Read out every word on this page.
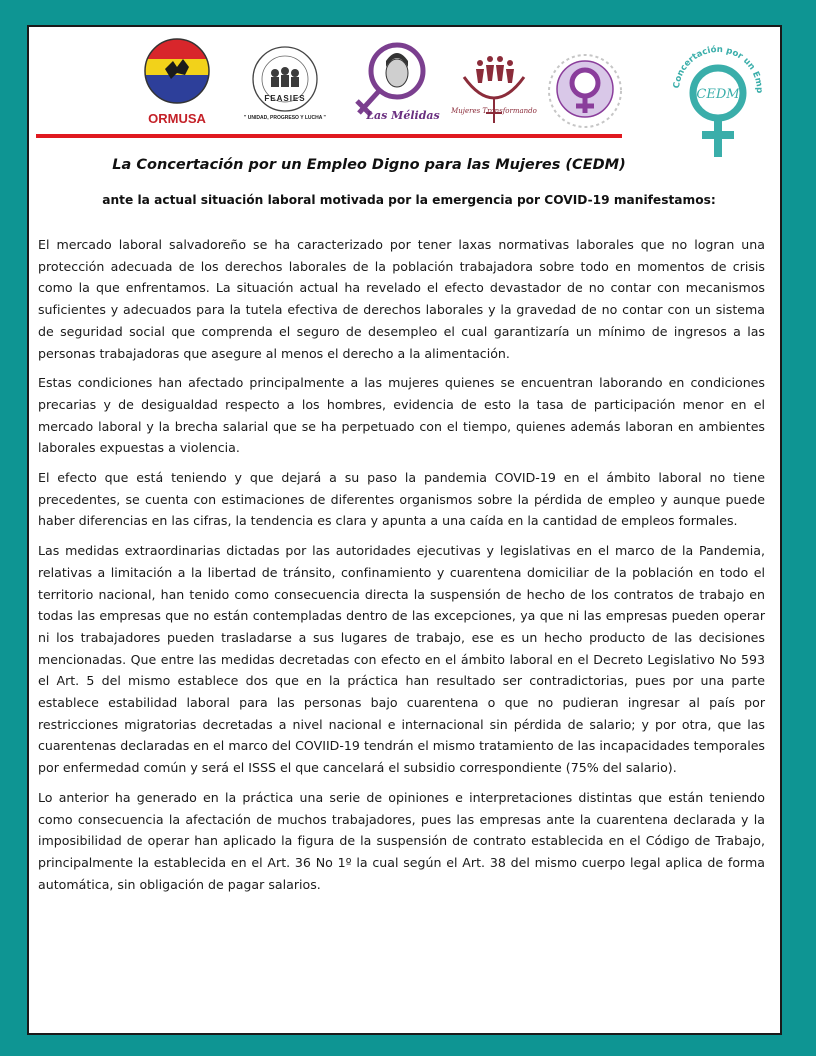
ORMUSA
FEASIES
" UNIDAD, PROGRESO Y LUCHA "	Las Mélidas	Mujeres Transformando
Concertación por un Emp
CEDM
La Concertación por un Empleo Digno para las Mujeres (CEDM)
ante la actual situación laboral motivada por la emergencia por COVID-19 manifestamos:

El mercado laboral salvadoreño se ha caracterizado por tener laxas normativas laborales que no logran una protección adecuada de los derechos laborales de la población trabajadora sobre todo en momentos de crisis como la que enfrentamos. La situación actual ha revelado el efecto devastador de no contar con mecanismos suficientes y adecuados para la tutela efectiva de derechos laborales y la gravedad de no contar con un sistema de seguridad social que comprenda el seguro de desempleo el cual garantizaría un mínimo de ingresos a las personas trabajadoras que asegure al menos el derecho a la alimentación.

Estas condiciones han afectado principalmente a las mujeres quienes se encuentran laborando en condiciones precarias y de desigualdad respecto a los hombres, evidencia de esto la tasa de participación menor en el mercado laboral y la brecha salarial que se ha perpetuado con el tiempo, quienes además laboran en ambientes laborales expuestas a violencia.

El efecto que está teniendo y que dejará a su paso la pandemia COVID-19 en el ámbito laboral no tiene precedentes, se cuenta con estimaciones de diferentes organismos sobre la pérdida de empleo y aunque puede haber diferencias en las cifras, la tendencia es clara y apunta a una caída en la cantidad de empleos formales.

Las medidas extraordinarias dictadas por las autoridades ejecutivas y legislativas en el marco de la Pandemia, relativas a limitación a la libertad de tránsito, confinamiento y cuarentena domiciliar de la población en todo el territorio nacional, han tenido como consecuencia directa la suspensión de hecho de los contratos de trabajo en todas las empresas que no están contempladas dentro de las excepciones, ya que ni las empresas pueden operar ni los trabajadores pueden trasladarse a sus lugares de trabajo, ese es un hecho producto de las decisiones mencionadas. Que entre las medidas decretadas con efecto en el ámbito laboral en el Decreto Legislativo No 593 el Art. 5 del mismo establece dos que en la práctica han resultado ser contradictorias, pues por una parte establece estabilidad laboral para las personas bajo cuarentena o que no pudieran ingresar al país por restricciones migratorias decretadas a nivel nacional e internacional sin pérdida de salario; y por otra, que las cuarentenas declaradas en el marco del COVIID-19 tendrán el mismo tratamiento de las incapacidades temporales por enfermedad común y será el ISSS el que cancelará el subsidio correspondiente (75% del salario).

Lo anterior ha generado en la práctica una serie de opiniones e interpretaciones distintas que están teniendo como consecuencia la afectación de muchos trabajadores, pues las empresas ante la cuarentena declarada y la imposibilidad de operar han aplicado la figura de la suspensión de contrato establecida en el Código de Trabajo, principalmente la establecida en el Art. 36 No 1º la cual según el Art. 38 del mismo cuerpo legal aplica de forma automática, sin obligación de pagar salarios.
